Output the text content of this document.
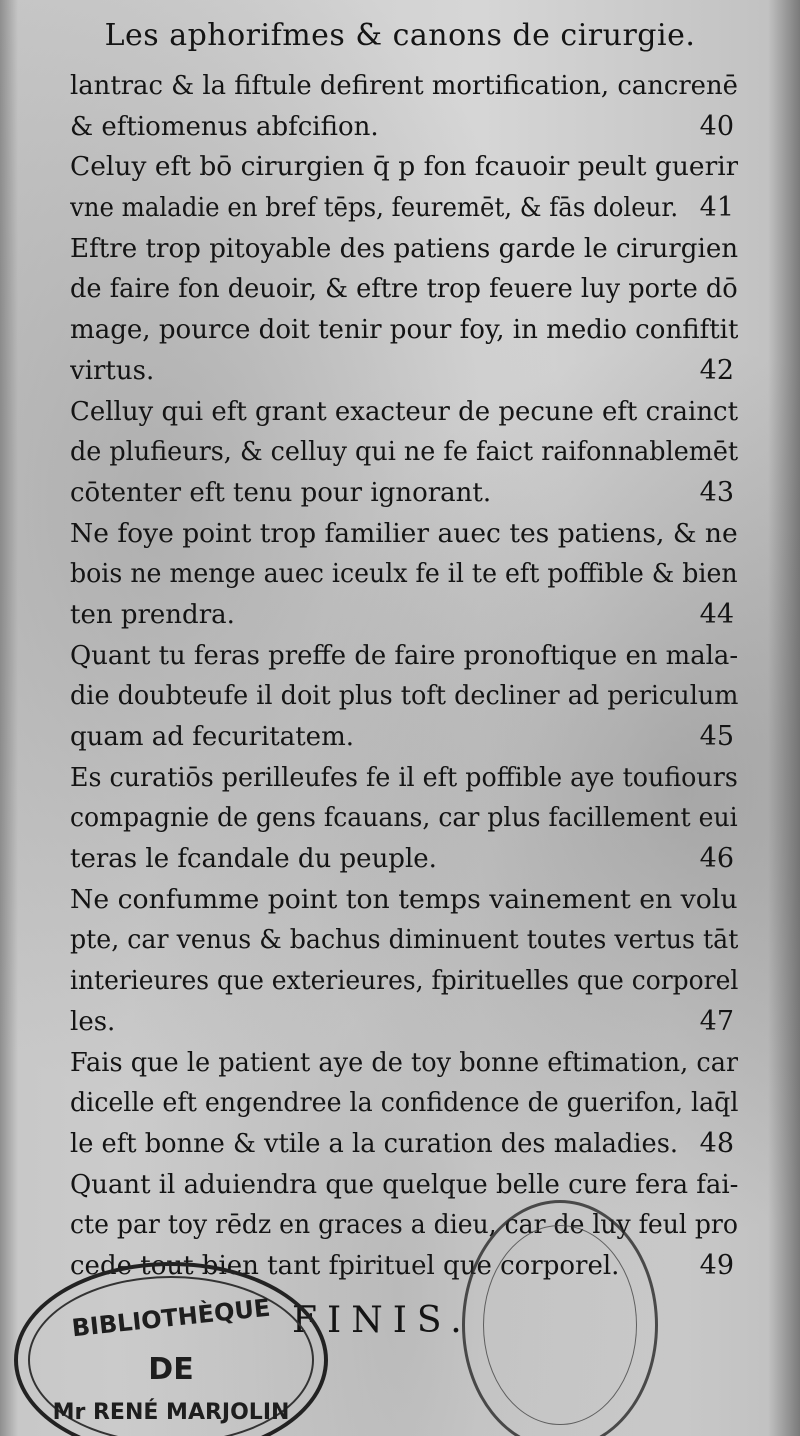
Les aphorifmes & canons de cirurgie.
lantrac & la fiftule defirent mortification, cancrenē
& eftiomenus abfcifion.	40
Celuy eft bō cirurgien q̄ p fon fcauoir peult guerir
vne maladie en bref tēps, feuremēt, & fās doleur. 41
Eftre trop pitoyable des patiens garde le cirurgien
de faire fon deuoir, & eftre trop feuere luy porte dō
mage, pource doit tenir pour foy, in medio confiftit
virtus.	42
Celluy qui eft grant exacteur de pecune eft crainct
de plufieurs, & celluy qui ne fe faict raifonnablemēt
cōtenter eft tenu pour ignorant.	43
Ne foye point trop familier auec tes patiens, & ne
bois ne menge auec iceulx fe il te eft poffible & bien
ten prendra.	44
Quant tu feras preffe de faire pronoftique en mala-
die doubteufe il doit plus toft decliner ad periculum
quam ad fecuritatem.	45
Es curatiōs perilleufes fe il eft poffible aye toufiours
compagnie de gens fcauans, car plus facillement eui
teras le fcandale du peuple.	46
Ne confumme point ton temps vainement en volu
pte, car venus & bachus diminuent toutes vertus tāt
interieures que exterieures, fpirituelles que corporel
les.	47
Fais que le patient aye de toy bonne eftimation, car
dicelle eft engendree la confidence de guerifon, laq̄l
le eft bonne & vtile a la curation des maladies. 48
Quant il aduiendra que quelque belle cure fera fai-
cte par toy rēdz en graces a dieu, car de luy feul pro
cede tout bien tant fpirituel que corporel.	49
FINIS.
BIBLIOTHÈQUE
DE
Mr RENÉ MARJOLIN
